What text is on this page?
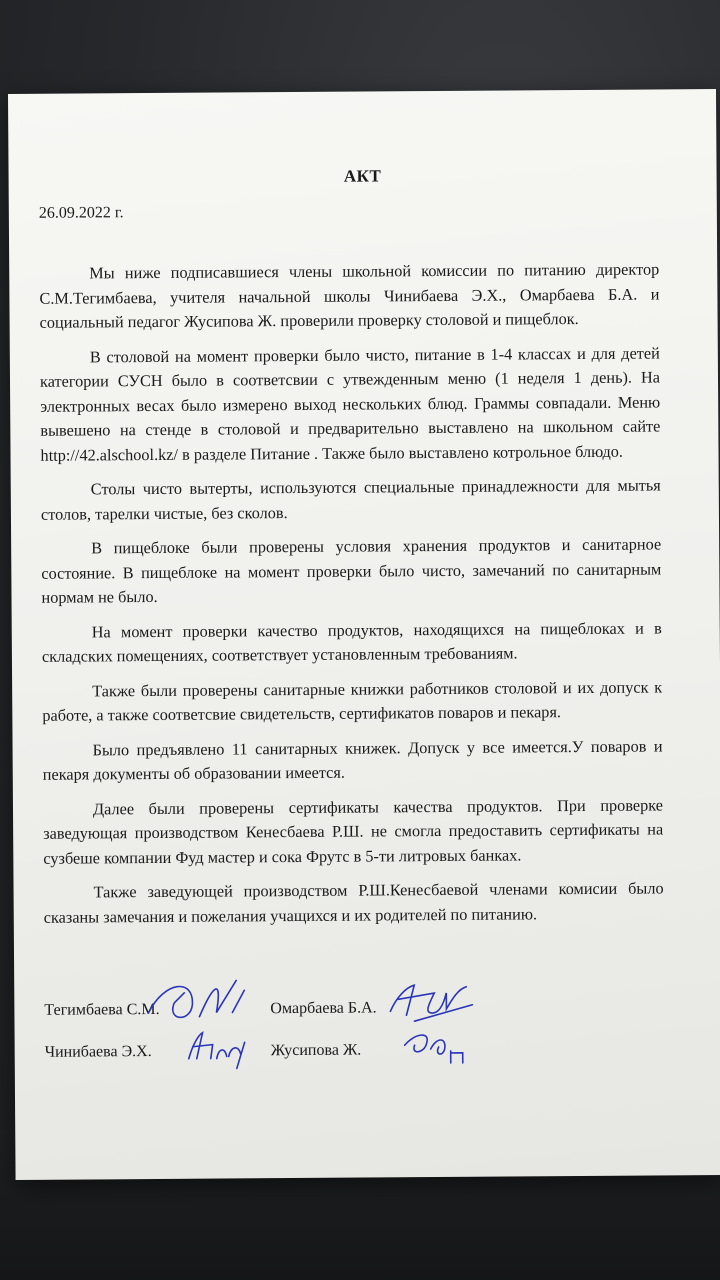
АКТ
26.09.2022 г.

Мы ниже подписавшиеся члены школьной комиссии по питанию директор С.М.Тегимбаева, учителя начальной школы Чинибаева Э.Х., Омарбаева Б.А. и социальный педагог Жусипова Ж. проверили проверку столовой и пищеблок.

В столовой на момент проверки было чисто, питание в 1-4 классах и для детей категории СУСН было в соответсвии с утвежденным меню (1 неделя 1 день). На электронных весах было измерено выход нескольких блюд. Граммы совпадали. Меню вывешено на стенде в столовой и предварительно выставлено на школьном сайте http://42.alschool.kz/ в разделе Питание . Также было выставлено котрольное блюдо.

Столы чисто вытерты, используются специальные принадлежности для мытья столов, тарелки чистые, без сколов.

В пищеблоке были проверены условия хранения продуктов и санитарное состояние. В пищеблоке на момент проверки было чисто, замечаний по санитарным нормам не было.

На момент проверки качество продуктов, находящихся на пищеблоках и в складских помещениях, соответствует установленным требованиям.

Также были проверены санитарные книжки работников столовой и их допуск к работе, а также соответсвие свидетельств, сертификатов поваров и пекаря.

Было предъявлено 11 санитарных книжек. Допуск у все имеется.У поваров и пекаря документы об образовании имеется.

Далее были проверены сертификаты качества продуктов. При проверке заведующая производством Кенесбаева Р.Ш. не смогла предоставить сертификаты на сузбеше компании Фуд мастер и сока Фрутс в 5-ти литровых банках.

Также заведующей производством Р.Ш.Кенесбаевой членами комисии было сказаны замечания и пожелания учащихся и их родителей по питанию.

Тегимбаева С.М.	Омарбаева Б.А.
Чинибаева Э.Х.	Жусипова Ж.
